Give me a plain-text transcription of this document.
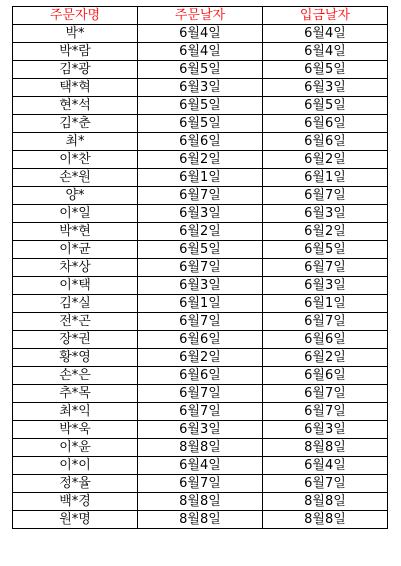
주문자명	주문날자	입금날자
박*	6월4일	6월4일
박*람	6월4일	6월4일
김*광	6월5일	6월5일
택*혁	6월3일	6월3일
현*석	6월5일	6월5일
김*춘	6월5일	6월6일
최*	6월6일	6월6일
이*찬	6월2일	6월2일
손*원	6월1일	6월1일
양*	6월7일	6월7일
이*일	6월3일	6월3일
박*현	6월2일	6월2일
이*균	6월5일	6월5일
차*상	6월7일	6월7일
이*택	6월3일	6월3일
김*실	6월1일	6월1일
전*곤	6월7일	6월7일
장*권	6월6일	6월6일
황*영	6월2일	6월2일
손*은	6월6일	6월6일
추*목	6월7일	6월7일
최*익	6월7일	6월7일
박*욱	6월3일	6월3일
이*윤	8월8일	8월8일
이*이	6월4일	6월4일
정*율	6월7일	6월7일
백*경	8월8일	8월8일
원*명	8월8일	8월8일
